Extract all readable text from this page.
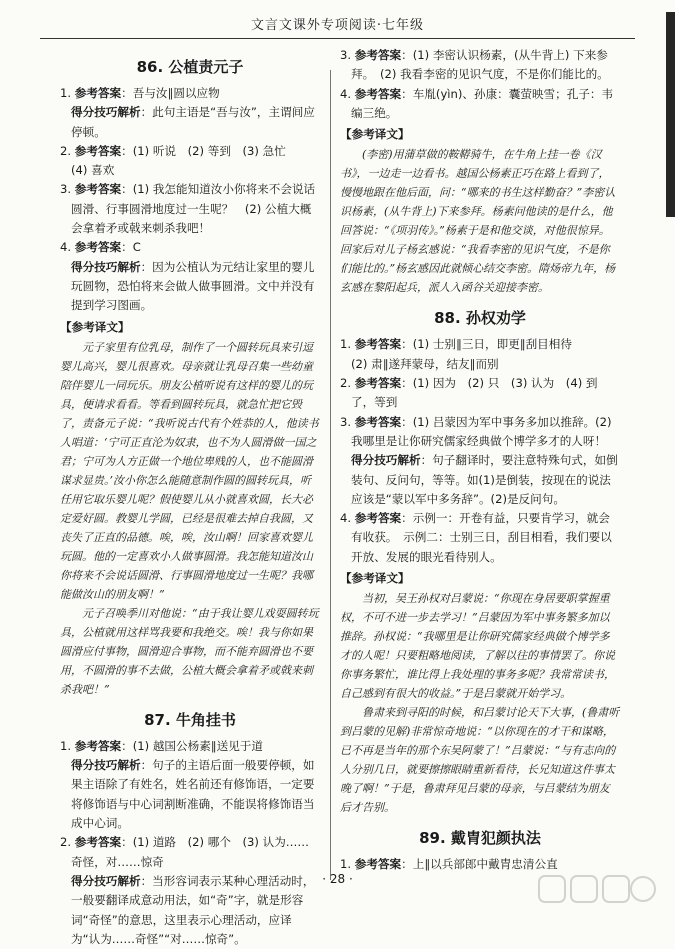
文言文课外专项阅读·七年级
86. 公植责元子

1. 参考答案：吾与汝∥圆以应物

得分技巧解析：此句主语是“吾与汝”，主谓间应停顿。

2. 参考答案：(1) 听说　(2) 等到　(3) 急忙

(4) 喜欢

3. 参考答案：(1) 我怎能知道汝小你将来不会说话圆滑、行事圆滑地度过一生呢？　(2) 公植大概会拿着矛或戟来刺杀我吧！

4. 参考答案：C

得分技巧解析：因为公植认为元结让家里的婴儿玩圆物，恐怕将来会做人做事圆滑。文中并没有提到学习图画。

【参考译文】

元子家里有位乳母，制作了一个圆转玩具来引逗婴儿高兴，婴儿很喜欢。母亲就让乳母召集一些幼童陪伴婴儿一同玩乐。朋友公植听说有这样的婴儿的玩具，便请求看看。等看到圆转玩具，就急忙把它毁了，责备元子说：“我听说古代有个姓恭的人，他读书人唱道：‘宁可正直沦为奴隶，也不为人圆滑做一国之君；宁可为人方正做一个地位卑贱的人，也不能圆滑谋求显贵。’汝小你怎么能随意制作圆的圆转玩具，听任用它取乐婴儿呢？假使婴儿从小就喜欢圆，长大必定爱好圆。教婴儿学圆，已经是很难去掉自我圆，又丧失了正直的品德。唉，唉，汝山啊！回家喜欢婴儿玩圆。他的一定喜欢小人做事圆滑。我怎能知道汝山你将来不会说话圆滑、行事圆滑地度过一生呢？我哪能做汝山的朋友啊！”

元子召唤季川对他说：“由于我让婴儿戏耍圆转玩具，公植就用这样骂我要和我绝交。唉！我与你如果圆滑应付事物，圆滑迎合事物，而不能弃圆滑也不要用，不圆滑的事不去做，公植大概会拿着矛或戟来刺杀我吧！”

87. 牛角挂书

1. 参考答案：(1) 越国公杨素∥送见于道

得分技巧解析：句子的主语后面一般要停顿，如果主语除了有姓名，姓名前还有修饰语，一定要将修饰语与中心词割断准确，不能误将修饰语当成中心词。

2. 参考答案：(1) 道路　(2) 哪个　(3) 认为……奇怪，对……惊奇

得分技巧解析：当形容词表示某种心理活动时，一般要翻译成意动用法，如“奇”字，就是形容词“奇怪”的意思，这里表示心理活动，应译为“认为……奇怪”“对……惊奇”。

3. 参考答案：(1) 李密认识杨素，(从牛背上) 下来参拜。　(2) 我看李密的见识气度，不是你们能比的。

4. 参考答案：车胤(yìn)、孙康：囊萤映雪；孔子：韦编三绝。

【参考译文】

(李密)用蒲草做的鞍鞯骑牛，在牛角上挂一卷《汉书》，一边走一边看书。越国公杨素正巧在路上看到了，慢慢地跟在他后面，问：“哪来的书生这样勤奋？”李密认识杨素，(从牛背上)下来参拜。杨素问他读的是什么，他回答说：“《项羽传》。”杨素于是和他交谈，对他很惊异。回家后对儿子杨玄感说：“我看李密的见识气度，不是你们能比的。”杨玄感因此就倾心结交李密。隋炀帝九年，杨玄感在黎阳起兵，派人入函谷关迎接李密。

88. 孙权劝学

1. 参考答案：(1) 士别∥三日，即更∥刮目相待

(2) 肃∥遂拜蒙母，结友∥而别

2. 参考答案：(1) 因为　(2) 只　(3) 认为　(4) 到了，等到

3. 参考答案：(1) 吕蒙因为军中事务多加以推辞。(2) 我哪里是让你研究儒家经典做个博学多才的人呀！

得分技巧解析：句子翻译时，要注意特殊句式，如倒装句、反问句，等等。如(1)是倒装，按现在的说法应该是“蒙以军中多务辞”。(2)是反问句。

4. 参考答案：示例一：开卷有益，只要肯学习，就会有收获。　示例二：士别三日，刮目相看，我们要以开放、发展的眼光看待别人。

【参考译文】

当初，吴王孙权对吕蒙说：“你现在身居要职掌握重权，不可不进一步去学习！”吕蒙因为军中事务繁多加以推辞。孙权说：“我哪里是让你研究儒家经典做个博学多才的人呢！只要粗略地阅读，了解以往的事情罢了。你说你事务繁忙，谁比得上我处理的事务多呢？我常常读书，自己感到有很大的收益。”于是吕蒙就开始学习。

鲁肃来到寻阳的时候，和吕蒙讨论天下大事，(鲁肃听到吕蒙的见解)非常惊奇地说：“以你现在的才干和谋略，已不再是当年的那个东吴阿蒙了！”吕蒙说：“与有志向的人分别几日，就要擦擦眼睛重新看待，长兄知道这件事太晚了啊！”于是，鲁肃拜见吕蒙的母亲，与吕蒙结为朋友后才告别。

89. 戴胄犯颜执法

1. 参考答案：上∥以兵部郎中戴胄忠清公直

· 28 ·
